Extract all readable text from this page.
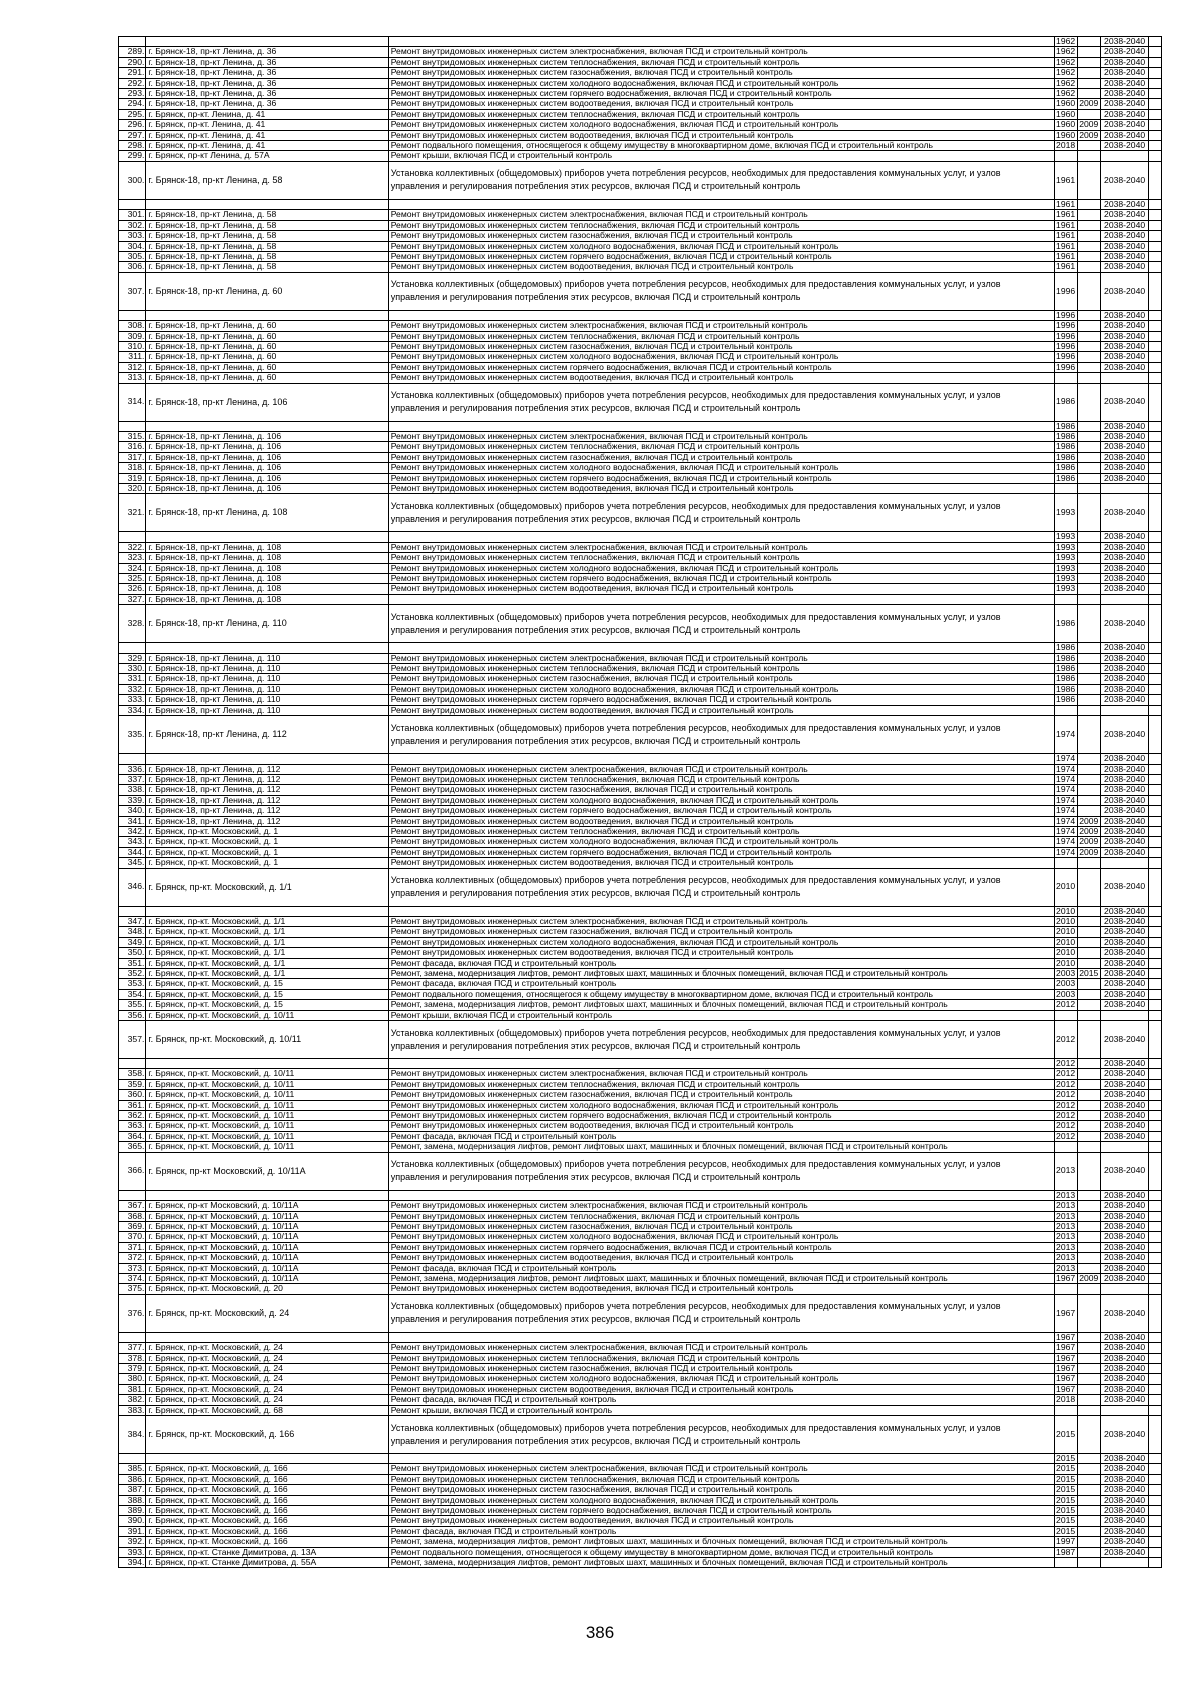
			1962		2038-2040	
289.	г. Брянск-18, пр-кт Ленина, д. 36	Ремонт внутридомовых инженерных систем электроснабжения, включая ПСД и строительный контроль	1962		2038-2040	
290.	г. Брянск-18, пр-кт Ленина, д. 36	Ремонт внутридомовых инженерных систем теплоснабжения, включая ПСД и строительный контроль	1962		2038-2040	
291.	г. Брянск-18, пр-кт Ленина, д. 36	Ремонт внутридомовых инженерных систем газоснабжения, включая ПСД и строительный контроль	1962		2038-2040	
292.	г. Брянск-18, пр-кт Ленина, д. 36	Ремонт внутридомовых инженерных систем холодного водоснабжения, включая ПСД и строительный контроль	1962		2038-2040	
293.	г. Брянск-18, пр-кт Ленина, д. 36	Ремонт внутридомовых инженерных систем горячего водоснабжения, включая ПСД и строительный контроль	1962		2038-2040	
294.	г. Брянск-18, пр-кт Ленина, д. 36	Ремонт внутридомовых инженерных систем водоотведения, включая ПСД и строительный контроль	1960	2009	2038-2040	
295.	г. Брянск, пр-кт. Ленина, д. 41	Ремонт внутридомовых инженерных систем теплоснабжения, включая ПСД и строительный контроль	1960		2038-2040	
296.	г. Брянск, пр-кт. Ленина, д. 41	Ремонт внутридомовых инженерных систем холодного водоснабжения, включая ПСД и строительный контроль	1960	2009	2038-2040	
297.	г. Брянск, пр-кт. Ленина, д. 41	Ремонт внутридомовых инженерных систем водоотведения, включая ПСД и строительный контроль	1960	2009	2038-2040	
298.	г. Брянск, пр-кт. Ленина, д. 41	Ремонт подвального помещения, относящегося к общему имуществу в многоквартирном доме, включая ПСД и строительный контроль	2018		2038-2040	
299.	г. Брянск, пр-кт Ленина, д. 57А	Ремонт крыши, включая ПСД и строительный контроль				
300.	г. Брянск-18, пр-кт Ленина, д. 58	Установка коллективных (общедомовых) приборов учета потребления ресурсов, необходимых для предоставления коммунальных услуг, и узлов управления и регулирования потребления этих ресурсов, включая ПСД и строительный контроль	1961		2038-2040	
			1961		2038-2040	
301.	г. Брянск-18, пр-кт Ленина, д. 58	Ремонт внутридомовых инженерных систем электроснабжения, включая ПСД и строительный контроль	1961		2038-2040	
302.	г. Брянск-18, пр-кт Ленина, д. 58	Ремонт внутридомовых инженерных систем теплоснабжения, включая ПСД и строительный контроль	1961		2038-2040	
303.	г. Брянск-18, пр-кт Ленина, д. 58	Ремонт внутридомовых инженерных систем газоснабжения, включая ПСД и строительный контроль	1961		2038-2040	
304.	г. Брянск-18, пр-кт Ленина, д. 58	Ремонт внутридомовых инженерных систем холодного водоснабжения, включая ПСД и строительный контроль	1961		2038-2040	
305.	г. Брянск-18, пр-кт Ленина, д. 58	Ремонт внутридомовых инженерных систем горячего водоснабжения, включая ПСД и строительный контроль	1961		2038-2040	
306.	г. Брянск-18, пр-кт Ленина, д. 58	Ремонт внутридомовых инженерных систем водоотведения, включая ПСД и строительный контроль	1961		2038-2040	
307.	г. Брянск-18, пр-кт Ленина, д. 60	Установка коллективных (общедомовых) приборов учета потребления ресурсов, необходимых для предоставления коммунальных услуг, и узлов управления и регулирования потребления этих ресурсов, включая ПСД и строительный контроль	1996		2038-2040	
			1996		2038-2040	
308.	г. Брянск-18, пр-кт Ленина, д. 60	Ремонт внутридомовых инженерных систем электроснабжения, включая ПСД и строительный контроль	1996		2038-2040	
309.	г. Брянск-18, пр-кт Ленина, д. 60	Ремонт внутридомовых инженерных систем теплоснабжения, включая ПСД и строительный контроль	1996		2038-2040	
310.	г. Брянск-18, пр-кт Ленина, д. 60	Ремонт внутридомовых инженерных систем газоснабжения, включая ПСД и строительный контроль	1996		2038-2040	
311.	г. Брянск-18, пр-кт Ленина, д. 60	Ремонт внутридомовых инженерных систем холодного водоснабжения, включая ПСД и строительный контроль	1996		2038-2040	
312.	г. Брянск-18, пр-кт Ленина, д. 60	Ремонт внутридомовых инженерных систем горячего водоснабжения, включая ПСД и строительный контроль	1996		2038-2040	
313.	г. Брянск-18, пр-кт Ленина, д. 60	Ремонт внутридомовых инженерных систем водоотведения, включая ПСД и строительный контроль				
314.	г. Брянск-18, пр-кт Ленина, д. 106	Установка коллективных (общедомовых) приборов учета потребления ресурсов, необходимых для предоставления коммунальных услуг, и узлов управления и регулирования потребления этих ресурсов, включая ПСД и строительный контроль	1986		2038-2040	
			1986		2038-2040	
315.	г. Брянск-18, пр-кт Ленина, д. 106	Ремонт внутридомовых инженерных систем электроснабжения, включая ПСД и строительный контроль	1986		2038-2040	
316.	г. Брянск-18, пр-кт Ленина, д. 106	Ремонт внутридомовых инженерных систем теплоснабжения, включая ПСД и строительный контроль	1986		2038-2040	
317.	г. Брянск-18, пр-кт Ленина, д. 106	Ремонт внутридомовых инженерных систем газоснабжения, включая ПСД и строительный контроль	1986		2038-2040	
318.	г. Брянск-18, пр-кт Ленина, д. 106	Ремонт внутридомовых инженерных систем холодного водоснабжения, включая ПСД и строительный контроль	1986		2038-2040	
319.	г. Брянск-18, пр-кт Ленина, д. 106	Ремонт внутридомовых инженерных систем горячего водоснабжения, включая ПСД и строительный контроль	1986		2038-2040	
320.	г. Брянск-18, пр-кт Ленина, д. 106	Ремонт внутридомовых инженерных систем водоотведения, включая ПСД и строительный контроль				
321.	г. Брянск-18, пр-кт Ленина, д. 108	Установка коллективных (общедомовых) приборов учета потребления ресурсов, необходимых для предоставления коммунальных услуг, и узлов управления и регулирования потребления этих ресурсов, включая ПСД и строительный контроль	1993		2038-2040	
			1993		2038-2040	
322.	г. Брянск-18, пр-кт Ленина, д. 108	Ремонт внутридомовых инженерных систем электроснабжения, включая ПСД и строительный контроль	1993		2038-2040	
323.	г. Брянск-18, пр-кт Ленина, д. 108	Ремонт внутридомовых инженерных систем теплоснабжения, включая ПСД и строительный контроль	1993		2038-2040	
324.	г. Брянск-18, пр-кт Ленина, д. 108	Ремонт внутридомовых инженерных систем холодного водоснабжения, включая ПСД и строительный контроль	1993		2038-2040	
325.	г. Брянск-18, пр-кт Ленина, д. 108	Ремонт внутридомовых инженерных систем горячего водоснабжения, включая ПСД и строительный контроль	1993		2038-2040	
326.	г. Брянск-18, пр-кт Ленина, д. 108	Ремонт внутридомовых инженерных систем водоотведения, включая ПСД и строительный контроль	1993		2038-2040	
327.	г. Брянск-18, пр-кт Ленина, д. 108					
328.	г. Брянск-18, пр-кт Ленина, д. 110	Установка коллективных (общедомовых) приборов учета потребления ресурсов, необходимых для предоставления коммунальных услуг, и узлов управления и регулирования потребления этих ресурсов, включая ПСД и строительный контроль	1986		2038-2040	
			1986		2038-2040	
329.	г. Брянск-18, пр-кт Ленина, д. 110	Ремонт внутридомовых инженерных систем электроснабжения, включая ПСД и строительный контроль	1986		2038-2040	
330.	г. Брянск-18, пр-кт Ленина, д. 110	Ремонт внутридомовых инженерных систем теплоснабжения, включая ПСД и строительный контроль	1986		2038-2040	
331.	г. Брянск-18, пр-кт Ленина, д. 110	Ремонт внутридомовых инженерных систем газоснабжения, включая ПСД и строительный контроль	1986		2038-2040	
332.	г. Брянск-18, пр-кт Ленина, д. 110	Ремонт внутридомовых инженерных систем холодного водоснабжения, включая ПСД и строительный контроль	1986		2038-2040	
333.	г. Брянск-18, пр-кт Ленина, д. 110	Ремонт внутридомовых инженерных систем горячего водоснабжения, включая ПСД и строительный контроль	1986		2038-2040	
334.	г. Брянск-18, пр-кт Ленина, д. 110	Ремонт внутридомовых инженерных систем водоотведения, включая ПСД и строительный контроль				
335.	г. Брянск-18, пр-кт Ленина, д. 112	Установка коллективных (общедомовых) приборов учета потребления ресурсов, необходимых для предоставления коммунальных услуг, и узлов управления и регулирования потребления этих ресурсов, включая ПСД и строительный контроль	1974		2038-2040	
			1974		2038-2040	
336.	г. Брянск-18, пр-кт Ленина, д. 112	Ремонт внутридомовых инженерных систем электроснабжения, включая ПСД и строительный контроль	1974		2038-2040	
337.	г. Брянск-18, пр-кт Ленина, д. 112	Ремонт внутридомовых инженерных систем теплоснабжения, включая ПСД и строительный контроль	1974		2038-2040	
338.	г. Брянск-18, пр-кт Ленина, д. 112	Ремонт внутридомовых инженерных систем газоснабжения, включая ПСД и строительный контроль	1974		2038-2040	
339.	г. Брянск-18, пр-кт Ленина, д. 112	Ремонт внутридомовых инженерных систем холодного водоснабжения, включая ПСД и строительный контроль	1974		2038-2040	
340.	г. Брянск-18, пр-кт Ленина, д. 112	Ремонт внутридомовых инженерных систем горячего водоснабжения, включая ПСД и строительный контроль	1974		2038-2040	
341.	г. Брянск-18, пр-кт Ленина, д. 112	Ремонт внутридомовых инженерных систем водоотведения, включая ПСД и строительный контроль	1974	2009	2038-2040	
342.	г. Брянск, пр-кт. Московский, д. 1	Ремонт внутридомовых инженерных систем теплоснабжения, включая ПСД и строительный контроль	1974	2009	2038-2040	
343.	г. Брянск, пр-кт. Московский, д. 1	Ремонт внутридомовых инженерных систем холодного водоснабжения, включая ПСД и строительный контроль	1974	2009	2038-2040	
344.	г. Брянск, пр-кт. Московский, д. 1	Ремонт внутридомовых инженерных систем горячего водоснабжения, включая ПСД и строительный контроль	1974	2009	2038-2040	
345.	г. Брянск, пр-кт. Московский, д. 1	Ремонт внутридомовых инженерных систем водоотведения, включая ПСД и строительный контроль				
346.	г. Брянск, пр-кт. Московский, д. 1/1	Установка коллективных (общедомовых) приборов учета потребления ресурсов, необходимых для предоставления коммунальных услуг, и узлов управления и регулирования потребления этих ресурсов, включая ПСД и строительный контроль	2010		2038-2040	
			2010		2038-2040	
347.	г. Брянск, пр-кт. Московский, д. 1/1	Ремонт внутридомовых инженерных систем электроснабжения, включая ПСД и строительный контроль	2010		2038-2040	
348.	г. Брянск, пр-кт. Московский, д. 1/1	Ремонт внутридомовых инженерных систем газоснабжения, включая ПСД и строительный контроль	2010		2038-2040	
349.	г. Брянск, пр-кт. Московский, д. 1/1	Ремонт внутридомовых инженерных систем холодного водоснабжения, включая ПСД и строительный контроль	2010		2038-2040	
350.	г. Брянск, пр-кт. Московский, д. 1/1	Ремонт внутридомовых инженерных систем водоотведения, включая ПСД и строительный контроль	2010		2038-2040	
351.	г. Брянск, пр-кт. Московский, д. 1/1	Ремонт фасада, включая ПСД и строительный контроль	2010		2038-2040	
352.	г. Брянск, пр-кт. Московский, д. 1/1	Ремонт, замена, модернизация лифтов, ремонт лифтовых шахт, машинных и блочных помещений, включая ПСД и строительный контроль	2003	2015	2038-2040	
353.	г. Брянск, пр-кт. Московский, д. 15	Ремонт фасада, включая ПСД и строительный контроль	2003		2038-2040	
354.	г. Брянск, пр-кт. Московский, д. 15	Ремонт подвального помещения, относящегося к общему имуществу в многоквартирном доме, включая ПСД и строительный контроль	2003		2038-2040	
355.	г. Брянск, пр-кт. Московский, д. 15	Ремонт, замена, модернизация лифтов, ремонт лифтовых шахт, машинных и блочных помещений, включая ПСД и строительный контроль	2012		2038-2040	
356.	г. Брянск, пр-кт. Московский, д. 10/11	Ремонт крыши, включая ПСД и строительный контроль				
357.	г. Брянск, пр-кт. Московский, д. 10/11	Установка коллективных (общедомовых) приборов учета потребления ресурсов, необходимых для предоставления коммунальных услуг, и узлов управления и регулирования потребления этих ресурсов, включая ПСД и строительный контроль	2012		2038-2040	
			2012		2038-2040	
358.	г. Брянск, пр-кт. Московский, д. 10/11	Ремонт внутридомовых инженерных систем электроснабжения, включая ПСД и строительный контроль	2012		2038-2040	
359.	г. Брянск, пр-кт. Московский, д. 10/11	Ремонт внутридомовых инженерных систем теплоснабжения, включая ПСД и строительный контроль	2012		2038-2040	
360.	г. Брянск, пр-кт. Московский, д. 10/11	Ремонт внутридомовых инженерных систем газоснабжения, включая ПСД и строительный контроль	2012		2038-2040	
361.	г. Брянск, пр-кт. Московский, д. 10/11	Ремонт внутридомовых инженерных систем холодного водоснабжения, включая ПСД и строительный контроль	2012		2038-2040	
362.	г. Брянск, пр-кт. Московский, д. 10/11	Ремонт внутридомовых инженерных систем горячего водоснабжения, включая ПСД и строительный контроль	2012		2038-2040	
363.	г. Брянск, пр-кт. Московский, д. 10/11	Ремонт внутридомовых инженерных систем водоотведения, включая ПСД и строительный контроль	2012		2038-2040	
364.	г. Брянск, пр-кт. Московский, д. 10/11	Ремонт фасада, включая ПСД и строительный контроль	2012		2038-2040	
365.	г. Брянск, пр-кт. Московский, д. 10/11	Ремонт, замена, модернизация лифтов, ремонт лифтовых шахт, машинных и блочных помещений, включая ПСД и строительный контроль				
366.	г. Брянск, пр-кт Московский, д. 10/11А	Установка коллективных (общедомовых) приборов учета потребления ресурсов, необходимых для предоставления коммунальных услуг, и узлов управления и регулирования потребления этих ресурсов, включая ПСД и строительный контроль	2013		2038-2040	
			2013		2038-2040	
367.	г. Брянск, пр-кт Московский, д. 10/11А	Ремонт внутридомовых инженерных систем электроснабжения, включая ПСД и строительный контроль	2013		2038-2040	
368.	г. Брянск, пр-кт Московский, д. 10/11А	Ремонт внутридомовых инженерных систем теплоснабжения, включая ПСД и строительный контроль	2013		2038-2040	
369.	г. Брянск, пр-кт Московский, д. 10/11А	Ремонт внутридомовых инженерных систем газоснабжения, включая ПСД и строительный контроль	2013		2038-2040	
370.	г. Брянск, пр-кт Московский, д. 10/11А	Ремонт внутридомовых инженерных систем холодного водоснабжения, включая ПСД и строительный контроль	2013		2038-2040	
371.	г. Брянск, пр-кт Московский, д. 10/11А	Ремонт внутридомовых инженерных систем горячего водоснабжения, включая ПСД и строительный контроль	2013		2038-2040	
372.	г. Брянск, пр-кт Московский, д. 10/11А	Ремонт внутридомовых инженерных систем водоотведения, включая ПСД и строительный контроль	2013		2038-2040	
373.	г. Брянск, пр-кт Московский, д. 10/11А	Ремонт фасада, включая ПСД и строительный контроль	2013		2038-2040	
374.	г. Брянск, пр-кт Московский, д. 10/11А	Ремонт, замена, модернизация лифтов, ремонт лифтовых шахт, машинных и блочных помещений, включая ПСД и строительный контроль	1967	2009	2038-2040	
375.	г. Брянск, пр-кт. Московский, д. 20	Ремонт внутридомовых инженерных систем водоотведения, включая ПСД и строительный контроль				
376.	г. Брянск, пр-кт. Московский, д. 24	Установка коллективных (общедомовых) приборов учета потребления ресурсов, необходимых для предоставления коммунальных услуг, и узлов управления и регулирования потребления этих ресурсов, включая ПСД и строительный контроль	1967		2038-2040	
			1967		2038-2040	
377.	г. Брянск, пр-кт. Московский, д. 24	Ремонт внутридомовых инженерных систем электроснабжения, включая ПСД и строительный контроль	1967		2038-2040	
378.	г. Брянск, пр-кт. Московский, д. 24	Ремонт внутридомовых инженерных систем теплоснабжения, включая ПСД и строительный контроль	1967		2038-2040	
379.	г. Брянск, пр-кт. Московский, д. 24	Ремонт внутридомовых инженерных систем газоснабжения, включая ПСД и строительный контроль	1967		2038-2040	
380.	г. Брянск, пр-кт. Московский, д. 24	Ремонт внутридомовых инженерных систем холодного водоснабжения, включая ПСД и строительный контроль	1967		2038-2040	
381.	г. Брянск, пр-кт. Московский, д. 24	Ремонт внутридомовых инженерных систем водоотведения, включая ПСД и строительный контроль	1967		2038-2040	
382.	г. Брянск, пр-кт. Московский, д. 24	Ремонт фасада, включая ПСД и строительный контроль	2018		2038-2040	
383.	г. Брянск, пр-кт. Московский, д. 68	Ремонт крыши, включая ПСД и строительный контроль				
384.	г. Брянск, пр-кт. Московский, д. 166	Установка коллективных (общедомовых) приборов учета потребления ресурсов, необходимых для предоставления коммунальных услуг, и узлов управления и регулирования потребления этих ресурсов, включая ПСД и строительный контроль	2015		2038-2040	
			2015		2038-2040	
385.	г. Брянск, пр-кт. Московский, д. 166	Ремонт внутридомовых инженерных систем электроснабжения, включая ПСД и строительный контроль	2015		2038-2040	
386.	г. Брянск, пр-кт. Московский, д. 166	Ремонт внутридомовых инженерных систем теплоснабжения, включая ПСД и строительный контроль	2015		2038-2040	
387.	г. Брянск, пр-кт. Московский, д. 166	Ремонт внутридомовых инженерных систем газоснабжения, включая ПСД и строительный контроль	2015		2038-2040	
388.	г. Брянск, пр-кт. Московский, д. 166	Ремонт внутридомовых инженерных систем холодного водоснабжения, включая ПСД и строительный контроль	2015		2038-2040	
389.	г. Брянск, пр-кт. Московский, д. 166	Ремонт внутридомовых инженерных систем горячего водоснабжения, включая ПСД и строительный контроль	2015		2038-2040	
390.	г. Брянск, пр-кт. Московский, д. 166	Ремонт внутридомовых инженерных систем водоотведения, включая ПСД и строительный контроль	2015		2038-2040	
391.	г. Брянск, пр-кт. Московский, д. 166	Ремонт фасада, включая ПСД и строительный контроль	2015		2038-2040	
392.	г. Брянск, пр-кт. Московский, д. 166	Ремонт, замена, модернизация лифтов, ремонт лифтовых шахт, машинных и блочных помещений, включая ПСД и строительный контроль	1997		2038-2040	
393.	г. Брянск, пр-кт. Станке Димитрова, д. 13А	Ремонт подвального помещения, относящегося к общему имуществу в многоквартирном доме, включая ПСД и строительный контроль	1987		2038-2040	
394.	г. Брянск, пр-кт. Станке Димитрова, д. 55А	Ремонт, замена, модернизация лифтов, ремонт лифтовых шахт, машинных и блочных помещений, включая ПСД и строительный контроль				
386
